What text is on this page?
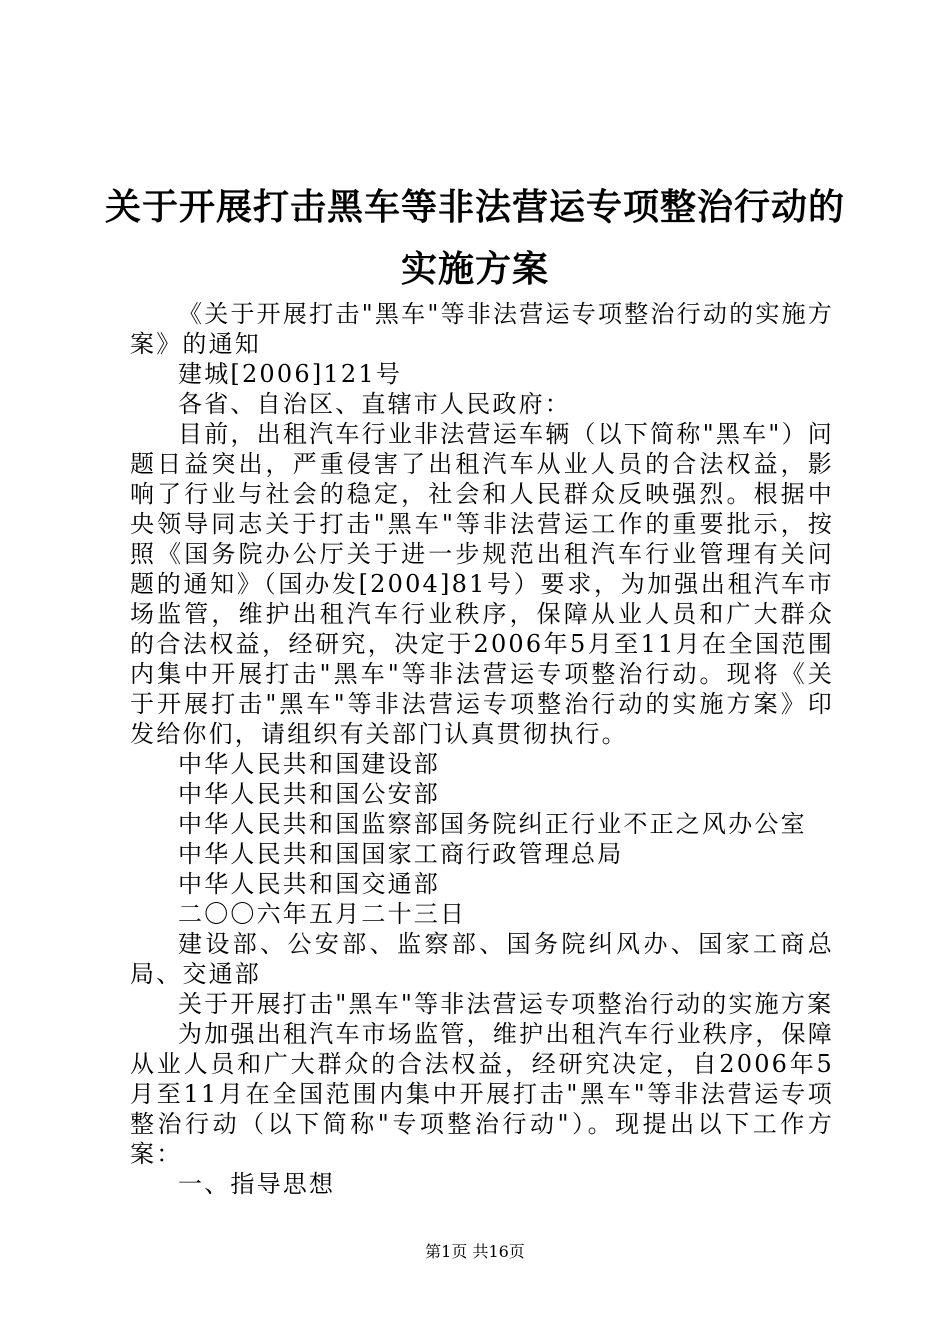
关于开展打击黑车等非法营运专项整治行动的
实施方案

《关于开展打击"黑车"等非法营运专项整治行动的实施方案》的通知

建城[2006]121号

各省、自治区、直辖市人民政府：

目前，出租汽车行业非法营运车辆（以下简称"黑车"）问题日益突出，严重侵害了出租汽车从业人员的合法权益，影响了行业与社会的稳定，社会和人民群众反映强烈。根据中央领导同志关于打击"黑车"等非法营运工作的重要批示，按照《国务院办公厅关于进一步规范出租汽车行业管理有关问题的通知》（国办发[2004]81号）要求，为加强出租汽车市场监管，维护出租汽车行业秩序，保障从业人员和广大群众的合法权益，经研究，决定于2006年5月至11月在全国范围内集中开展打击"黑车"等非法营运专项整治行动。现将《关于开展打击"黑车"等非法营运专项整治行动的实施方案》印发给你们，请组织有关部门认真贯彻执行。

中华人民共和国建设部

中华人民共和国公安部

中华人民共和国监察部国务院纠正行业不正之风办公室

中华人民共和国国家工商行政管理总局

中华人民共和国交通部

二〇〇六年五月二十三日

建设部、公安部、监察部、国务院纠风办、国家工商总局、交通部

关于开展打击"黑车"等非法营运专项整治行动的实施方案

为加强出租汽车市场监管，维护出租汽车行业秩序，保障从业人员和广大群众的合法权益，经研究决定，自2006年5月至11月在全国范围内集中开展打击"黑车"等非法营运专项整治行动（以下简称"专项整治行动"）。现提出以下工作方案：

一、指导思想

第1页 共16页
